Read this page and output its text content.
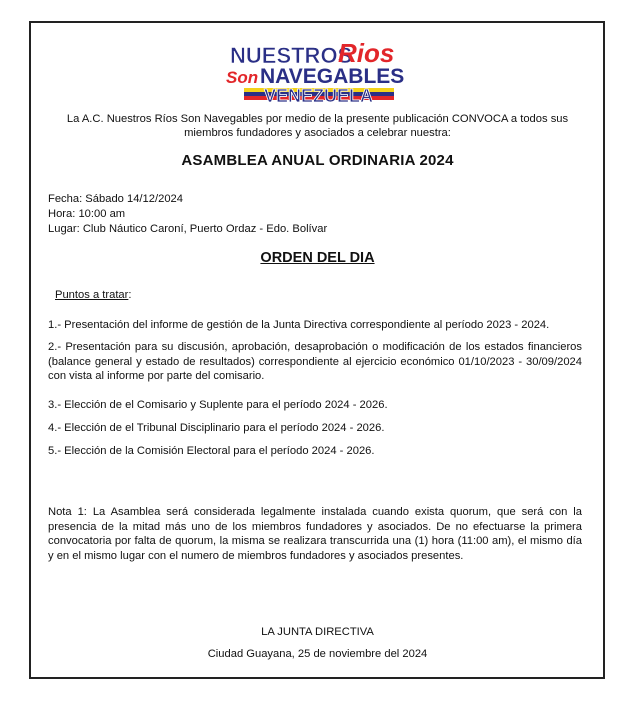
NUESTROS
Rios
Son NAVEGABLES
VENEZUELA
La A.C. Nuestros Ríos Son Navegables por medio de la presente publicación CONVOCA a todos sus
miembros fundadores y asociados a celebrar nuestra:
ASAMBLEA ANUAL ORDINARIA 2024
Fecha: Sábado 14/12/2024
Hora: 10:00 am
Lugar: Club Náutico Caroní, Puerto Ordaz - Edo. Bolívar
ORDEN DEL DIA
Puntos a tratar:
1.- Presentación del informe de gestión de la Junta Directiva correspondiente al período 2023 - 2024.
2.- Presentación para su discusión, aprobación, desaprobación o modificación de los estados financieros (balance general y estado de resultados) correspondiente al ejercicio económico 01/10/2023 - 30/09/2024 con vista al informe por parte del comisario.
3.- Elección de el Comisario y Suplente para el período 2024 - 2026.
4.- Elección de el Tribunal Disciplinario para el período 2024 - 2026.
5.- Elección de la Comisión Electoral para el período 2024 - 2026.
Nota 1: La Asamblea será considerada legalmente instalada cuando exista quorum, que será con la presencia de la mitad más uno de los miembros fundadores y asociados. De no efectuarse la primera convocatoria por falta de quorum, la misma se realizara transcurrida una (1) hora (11:00 am), el mismo día y en el mismo lugar con el numero de miembros fundadores y asociados presentes.
LA JUNTA DIRECTIVA
Ciudad Guayana, 25 de noviembre del 2024
